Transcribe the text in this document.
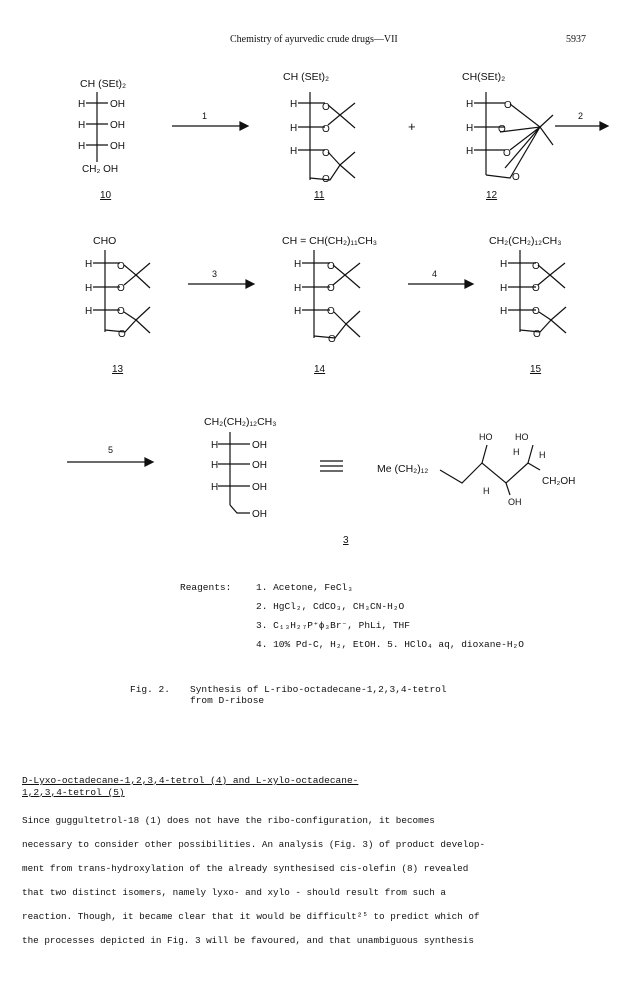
Chemistry of ayurvedic crude drugs—VII	5937
CH (SEt)₂
H OH
H OH
H OH
CH₂ OH
10
1
CH (SEt)₂
H
H
H
O
O
O
O
11
+
CH(SEt)₂
H
H
H
O
O
O
O
12
2
CHO
H
H
H
O
O
O
O
13
3
CH = CH(CH₂)₁₁CH₃
H
H
H
O
O
O
O
14
4
CH₂(CH₂)₁₂CH₃
H
H
H
O
O
O
O
15
5
CH₂(CH₂)₁₂CH₃
H	OH
H	OH
H	OH
OH
3
Me (CH₂)₁₂
HO	HO
H H
H
OH
CH₂OH
Reagents:	1. Acetone, FeCl₃
2. HgCl₂, CdCO₃, CH₃CN-H₂O
3. C₁₃H₂₇P⁺ϕ₃Br⁻, PhLi, THF
4. 10% Pd-C, H₂, EtOH. 5. HClO₄ aq, dioxane-H₂O
Fig. 2. Synthesis of L-ribo-octadecane-1,2,3,4-tetrol
from D-ribose
D-Lyxo-octadecane-1,2,3,4-tetrol (4) and L-xylo-octadecane-
1,2,3,4-tetrol (5)
Since guggultetrol-18 (1) does not have the ribo-configuration, it becomes
necessary to consider other possibilities. An analysis (Fig. 3) of product develop-
ment from trans-hydroxylation of the already synthesised cis-olefin (8) revealed
that two distinct isomers, namely lyxo- and xylo - should result from such a
reaction. Though, it became clear that it would be difficult²⁵ to predict which of
the processes depicted in Fig. 3 will be favoured, and that unambiguous synthesis
